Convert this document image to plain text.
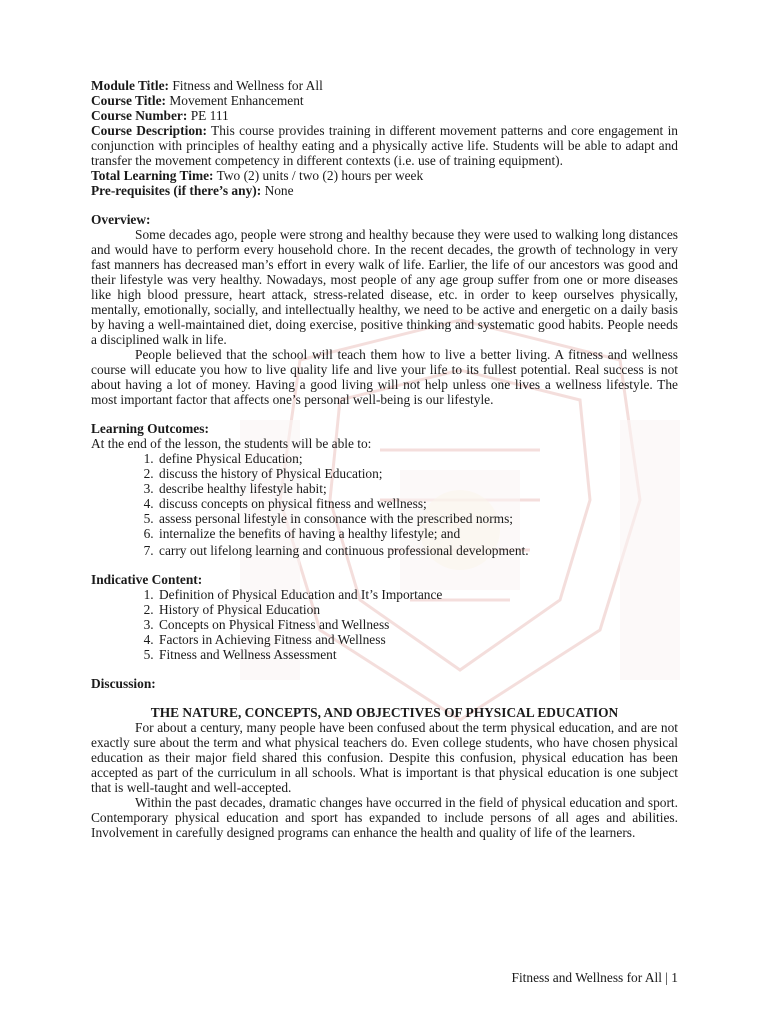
Module Title: Fitness and Wellness for All

Course Title: Movement Enhancement

Course Number: PE 111

Course Description: This course provides training in different movement patterns and core engagement in conjunction with principles of healthy eating and a physically active life. Students will be able to adapt and transfer the movement competency in different contexts (i.e. use of training equipment).

Total Learning Time: Two (2) units / two (2) hours per week

Pre-requisites (if there’s any): None

Overview:

Some decades ago, people were strong and healthy because they were used to walking long distances and would have to perform every household chore. In the recent decades, the growth of technology in very fast manners has decreased man’s effort in every walk of life. Earlier, the life of our ancestors was good and their lifestyle was very healthy. Nowadays, most people of any age group suffer from one or more diseases like high blood pressure, heart attack, stress-related disease, etc. in order to keep ourselves physically, mentally, emotionally, socially, and intellectually healthy, we need to be active and energetic on a daily basis by having a well-maintained diet, doing exercise, positive thinking and systematic good habits. People needs a disciplined walk in life.

People believed that the school will teach them how to live a better living. A fitness and wellness course will educate you how to live quality life and live your life to its fullest potential. Real success is not about having a lot of money. Having a good living will not help unless one lives a wellness lifestyle. The most important factor that affects one’s personal well-being is our lifestyle.

Learning Outcomes:

At the end of the lesson, the students will be able to:

1. define Physical Education;
2. discuss the history of Physical Education;
3. describe healthy lifestyle habit;
4. discuss concepts on physical fitness and wellness;
5. assess personal lifestyle in consonance with the prescribed norms;
6. internalize the benefits of having a healthy lifestyle; and
7. carry out lifelong learning and continuous professional development.

Indicative Content:

1. Definition of Physical Education and It’s Importance
2. History of Physical Education
3. Concepts on Physical Fitness and Wellness
4. Factors in Achieving Fitness and Wellness
5. Fitness and Wellness Assessment

Discussion:

THE NATURE, CONCEPTS, AND OBJECTIVES OF PHYSICAL EDUCATION

For about a century, many people have been confused about the term physical education, and are not exactly sure about the term and what physical teachers do. Even college students, who have chosen physical education as their major field shared this confusion. Despite this confusion, physical education has been accepted as part of the curriculum in all schools. What is important is that physical education is one subject that is well-taught and well-accepted.

Within the past decades, dramatic changes have occurred in the field of physical education and sport. Contemporary physical education and sport has expanded to include persons of all ages and abilities. Involvement in carefully designed programs can enhance the health and quality of life of the learners.

Fitness and Wellness for All | 1
